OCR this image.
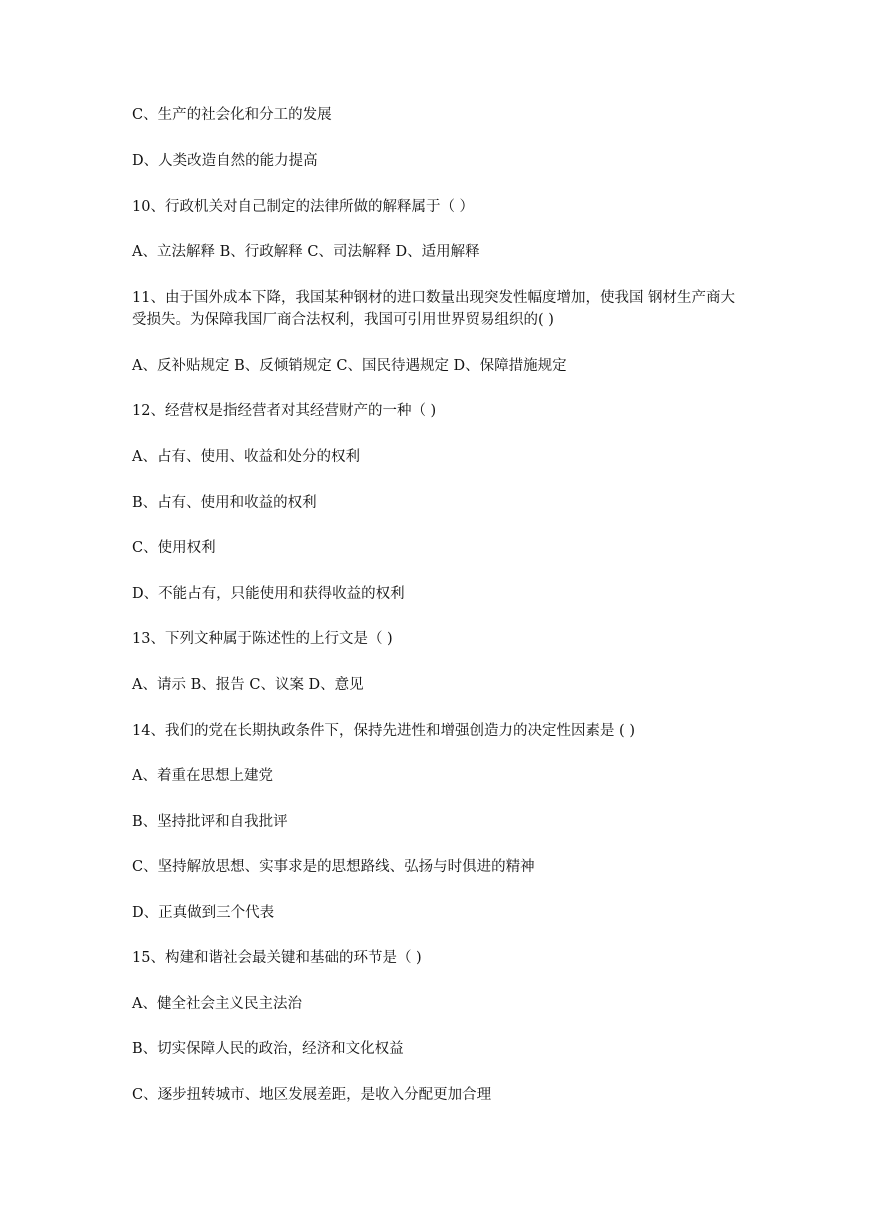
C、生产的社会化和分工的发展
D、人类改造自然的能力提高
10、行政机关对自己制定的法律所做的解释属于（ ）
A、立法解释 B、行政解释 C、司法解释 D、适用解释
11、由于国外成本下降，我国某种钢材的进口数量出现突发性幅度增加，使我国 钢材生产商大受损失。为保障我国厂商合法权利，我国可引用世界贸易组织的( )
A、反补贴规定 B、反倾销规定 C、国民待遇规定 D、保障措施规定
12、经营权是指经营者对其经营财产的一种（ )
A、占有、使用、收益和处分的权利
B、占有、使用和收益的权利
C、使用权利
D、不能占有，只能使用和获得收益的权利
13、下列文种属于陈述性的上行文是（ )
A、请示 B、报告 C、议案 D、意见
14、我们的党在长期执政条件下，保持先进性和增强创造力的决定性因素是 ( )
A、着重在思想上建党
B、坚持批评和自我批评
C、坚持解放思想、实事求是的思想路线、弘扬与时俱进的精神
D、正真做到三个代表
15、构建和谐社会最关键和基础的环节是（ )
A、健全社会主义民主法治
B、切实保障人民的政治，经济和文化权益
C、逐步扭转城市、地区发展差距，是收入分配更加合理
